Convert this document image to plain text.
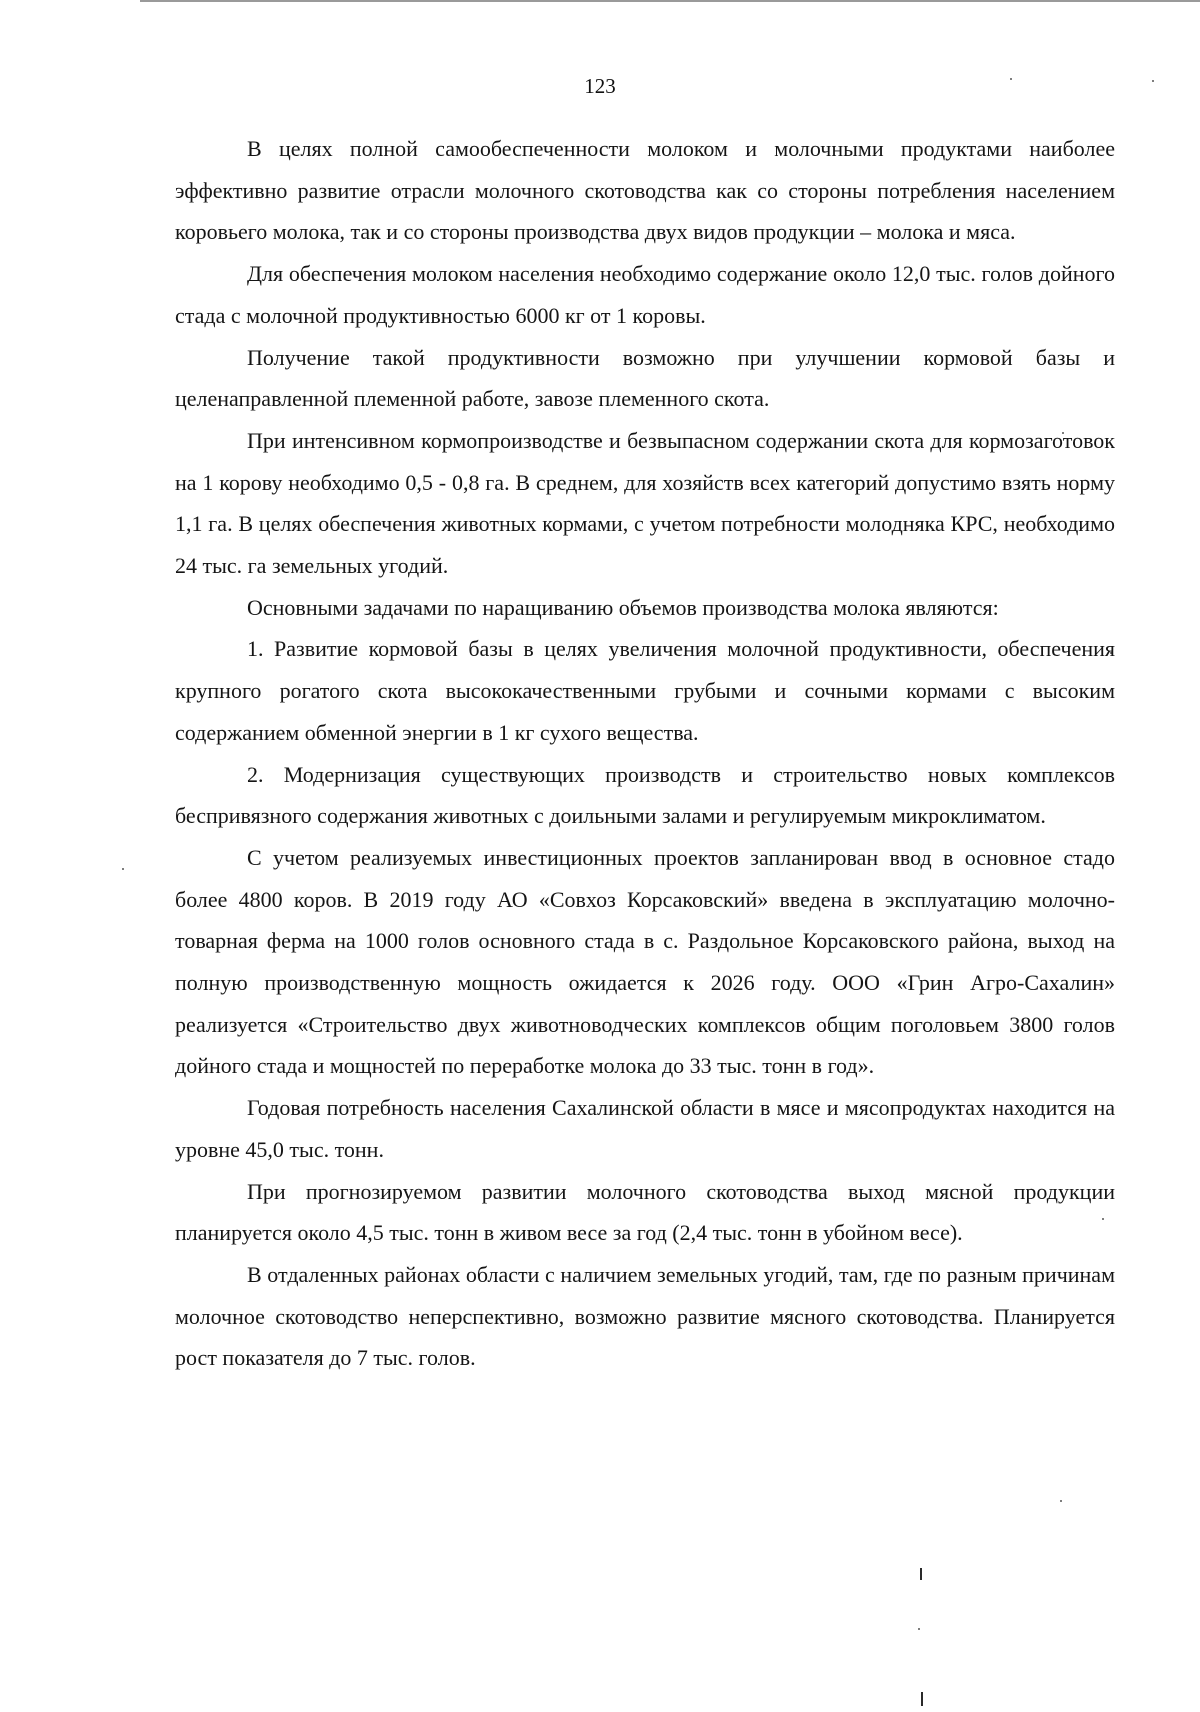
123

В целях полной самообеспеченности молоком и молочными продуктами наиболее эффективно развитие отрасли молочного скотоводства как со стороны потребления населением коровьего молока, так и со стороны производства двух видов продукции – молока и мяса.

Для обеспечения молоком населения необходимо содержание около 12,0 тыс. голов дойного стада с молочной продуктивностью 6000 кг от 1 коровы.

Получение такой продуктивности возможно при улучшении кормовой базы и целенаправленной племенной работе, завозе племенного скота.

При интенсивном кормопроизводстве и безвыпасном содержании скота для кормозаготовок на 1 корову необходимо 0,5 - 0,8 га. В среднем, для хозяйств всех категорий допустимо взять норму 1,1 га. В целях обеспечения животных кормами, с учетом потребности молодняка КРС, необходимо 24 тыс. га земельных угодий.

Основными задачами по наращиванию объемов производства молока являются:

1. Развитие кормовой базы в целях увеличения молочной продуктивности, обеспечения крупного рогатого скота высококачественными грубыми и сочными кормами с высоким содержанием обменной энергии в 1 кг сухого вещества.

2. Модернизация существующих производств и строительство новых комплексов беспривязного содержания животных с доильными залами и регулируемым микроклиматом.

С учетом реализуемых инвестиционных проектов запланирован ввод в основное стадо более 4800 коров. В 2019 году АО «Совхоз Корсаковский» введена в эксплуатацию молочно-товарная ферма на 1000 голов основного стада в с. Раздольное Корсаковского района, выход на полную производственную мощность ожидается к 2026 году. ООО «Грин Агро-Сахалин» реализуется «Строительство двух животноводческих комплексов общим поголовьем 3800 голов дойного стада и мощностей по переработке молока до 33 тыс. тонн в год».

Годовая потребность населения Сахалинской области в мясе и мясопродуктах находится на уровне 45,0 тыс. тонн.

При прогнозируемом развитии молочного скотоводства выход мясной продукции планируется около 4,5 тыс. тонн в живом весе за год (2,4 тыс. тонн в убойном весе).

В отдаленных районах области с наличием земельных угодий, там, где по разным причинам молочное скотоводство неперспективно, возможно развитие мясного скотоводства. Планируется рост показателя до 7 тыс. голов.
